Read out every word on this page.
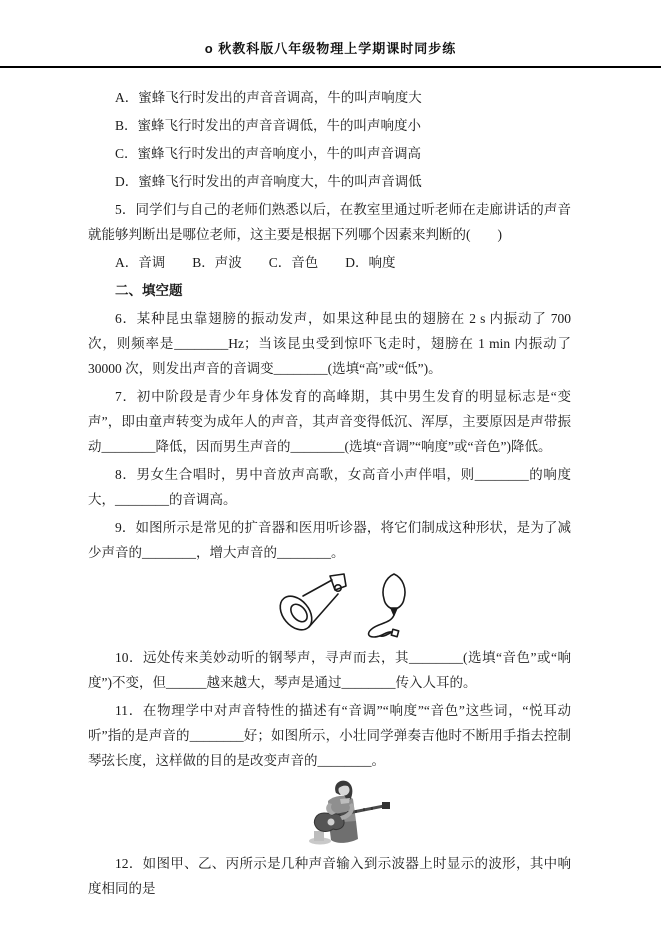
o 秋教科版八年级物理上学期课时同步练

A．蜜蜂飞行时发出的声音音调高，牛的叫声响度大

B．蜜蜂飞行时发出的声音音调低，牛的叫声响度小

C．蜜蜂飞行时发出的声音响度小，牛的叫声音调高

D．蜜蜂飞行时发出的声音响度大，牛的叫声音调低

5．同学们与自己的老师们熟悉以后，在教室里通过听老师在走廊讲话的声音就能够判断出是哪位老师，这主要是根据下列哪个因素来判断的(　　)

A．音调　　B．声波　　C．音色　　D．响度

二、填空题

6．某种昆虫靠翅膀的振动发声，如果这种昆虫的翅膀在 2 s 内振动了 700 次，则频率是________Hz；当该昆虫受到惊吓飞走时，翅膀在 1 min 内振动了 30000 次，则发出声音的音调变________(选填“高”或“低”)。

7．初中阶段是青少年身体发育的高峰期，其中男生发育的明显标志是“变声”，即由童声转变为成年人的声音，其声音变得低沉、浑厚，主要原因是声带振动________降低，因而男生声音的________(选填“音调”“响度”或“音色”)降低。

8．男女生合唱时，男中音放声高歌，女高音小声伴唱，则________的响度大，________的音调高。

9．如图所示是常见的扩音器和医用听诊器，将它们制成这种形状，是为了减少声音的________，增大声音的________。

10．远处传来美妙动听的钢琴声，寻声而去，其________(选填“音色”或“响度”)不变，但______越来越大，琴声是通过________传入人耳的。

11．在物理学中对声音特性的描述有“音调”“响度”“音色”这些词，“悦耳动听”指的是声音的________好；如图所示，小壮同学弹奏吉他时不断用手指去控制琴弦长度，这样做的目的是改变声音的________。

12．如图甲、乙、丙所示是几种声音输入到示波器上时显示的波形，其中响度相同的是
